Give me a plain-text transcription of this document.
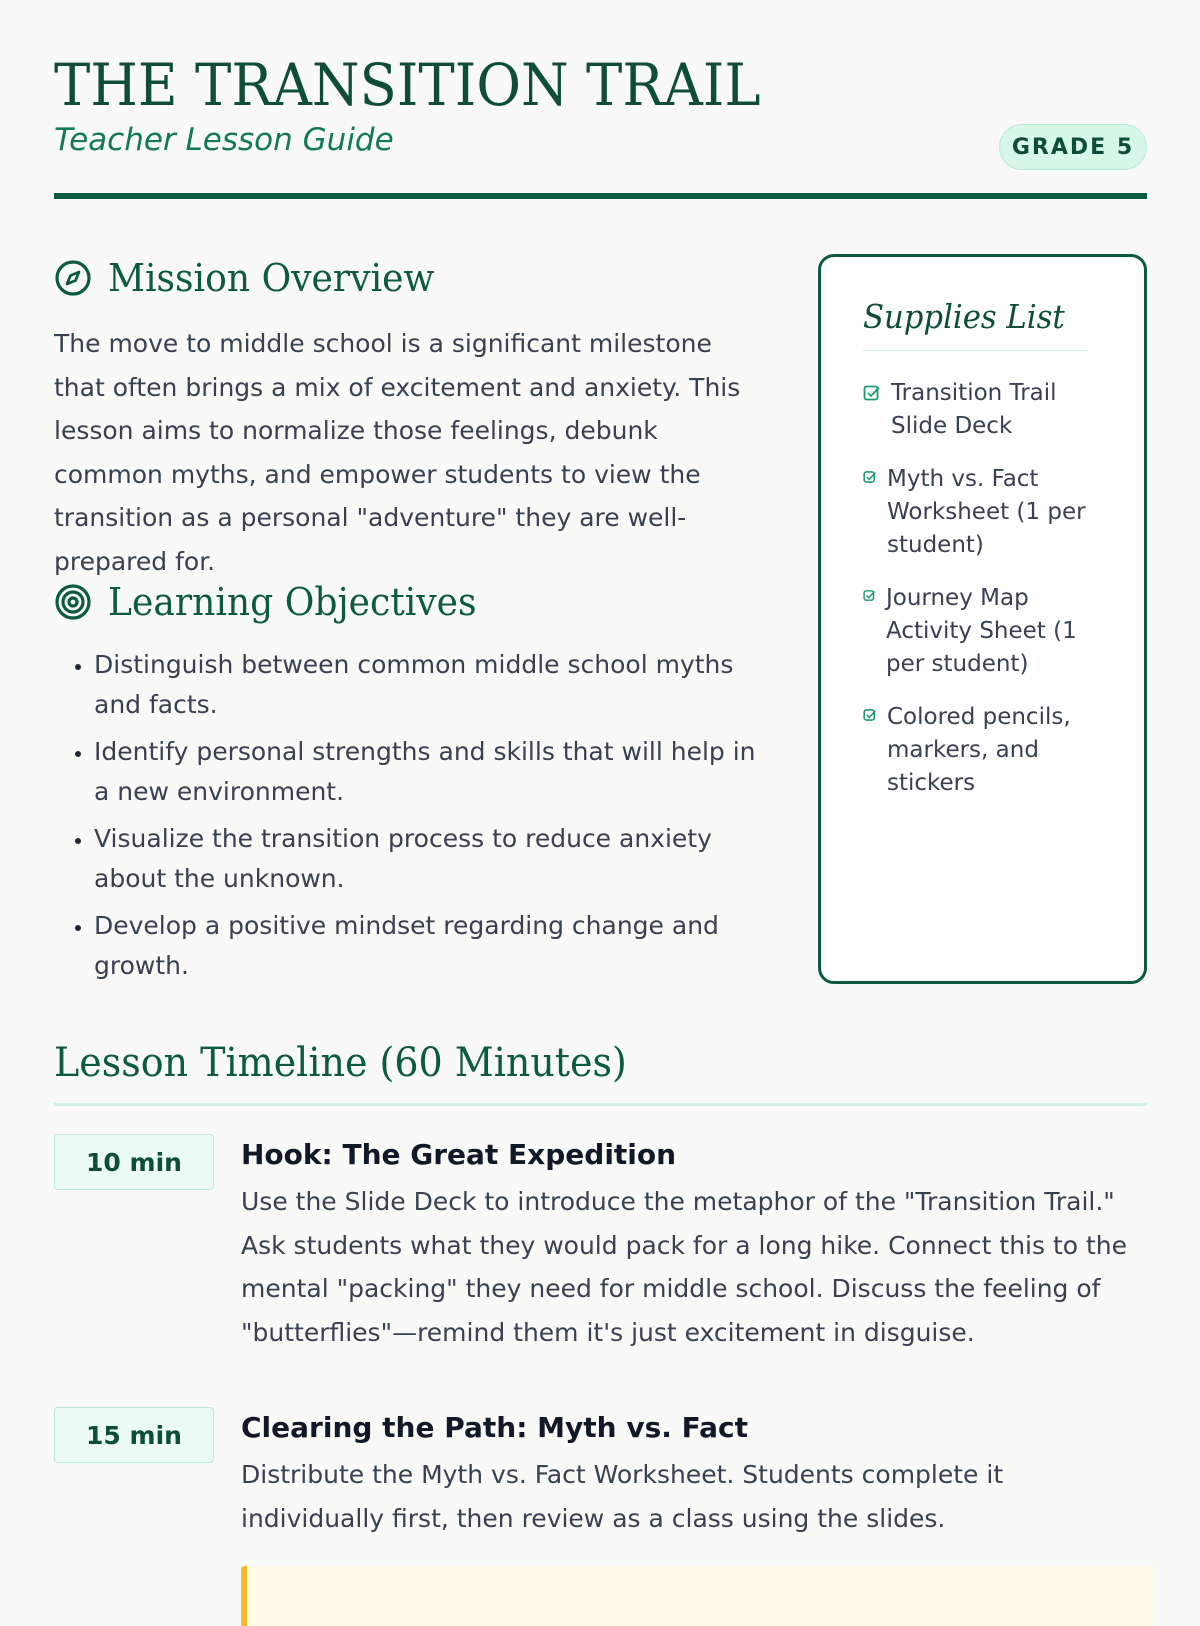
THE TRANSITION TRAIL
Teacher Lesson Guide	GRADE 5
Mission Overview
The move to middle school is a significant milestone that often brings a mix of excitement and anxiety. This lesson aims to normalize those feelings, debunk common myths, and empower students to view the transition as a personal "adventure" they are well-prepared for.
Learning Objectives
• Distinguish between common middle school myths and facts.
• Identify personal strengths and skills that will help in a new environment.
• Visualize the transition process to reduce anxiety about the unknown.
• Develop a positive mindset regarding change and growth.
Supplies List
Transition Trail Slide Deck
Myth vs. Fact Worksheet (1 per student)
Journey Map Activity Sheet (1 per student)
Colored pencils, markers, and stickers
Lesson Timeline (60 Minutes)
10 min	Hook: The Great Expedition
Use the Slide Deck to introduce the metaphor of the "Transition Trail." Ask students what they would pack for a long hike. Connect this to the mental "packing" they need for middle school. Discuss the feeling of "butterflies"—remind them it's just excitement in disguise.
15 min	Clearing the Path: Myth vs. Fact
Distribute the Myth vs. Fact Worksheet. Students complete it individually first, then review as a class using the slides.
